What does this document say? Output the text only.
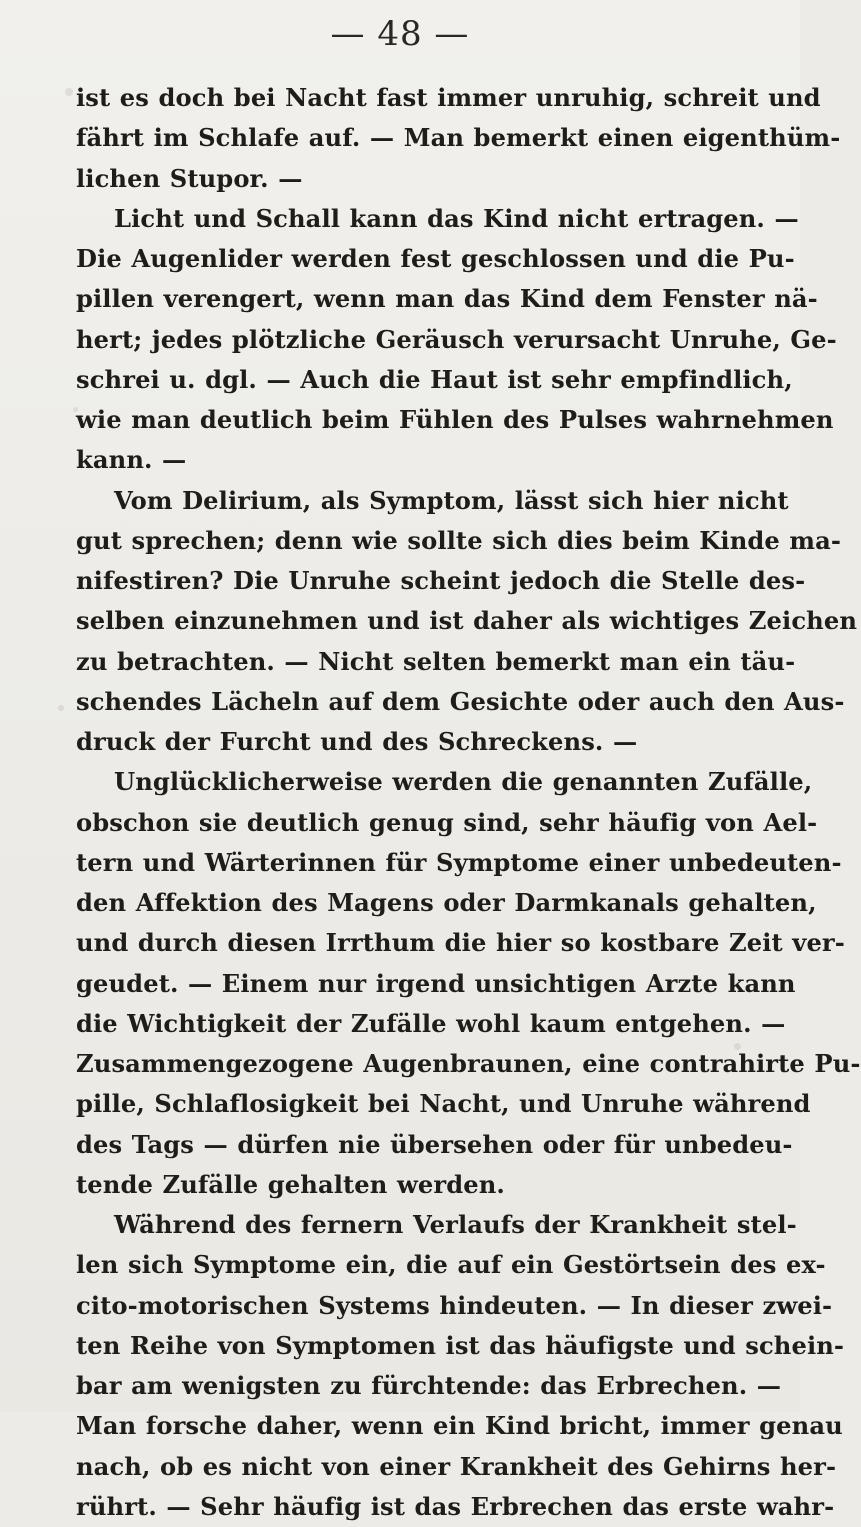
— 48 —
ist es doch bei Nacht fast immer unruhig, schreit und
fährt im Schlafe auf. — Man bemerkt einen eigenthüm-
lichen Stupor. —
Licht und Schall kann das Kind nicht ertragen. —
Die Augenlider werden fest geschlossen und die Pu-
pillen verengert, wenn man das Kind dem Fenster nä-
hert; jedes plötzliche Geräusch verursacht Unruhe, Ge-
schrei u. dgl. — Auch die Haut ist sehr empfindlich,
wie man deutlich beim Fühlen des Pulses wahrnehmen
kann. —
Vom Delirium, als Symptom, lässt sich hier nicht
gut sprechen; denn wie sollte sich dies beim Kinde ma-
nifestiren? Die Unruhe scheint jedoch die Stelle des-
selben einzunehmen und ist daher als wichtiges Zeichen
zu betrachten. — Nicht selten bemerkt man ein täu-
schendes Lächeln auf dem Gesichte oder auch den Aus-
druck der Furcht und des Schreckens. —
Unglücklicherweise werden die genannten Zufälle,
obschon sie deutlich genug sind, sehr häufig von Ael-
tern und Wärterinnen für Symptome einer unbedeuten-
den Affektion des Magens oder Darmkanals gehalten,
und durch diesen Irrthum die hier so kostbare Zeit ver-
geudet. — Einem nur irgend unsichtigen Arzte kann
die Wichtigkeit der Zufälle wohl kaum entgehen. —
Zusammengezogene Augenbraunen, eine contrahirte Pu-
pille, Schlaflosigkeit bei Nacht, und Unruhe während
des Tags — dürfen nie übersehen oder für unbedeu-
tende Zufälle gehalten werden.
Während des fernern Verlaufs der Krankheit stel-
len sich Symptome ein, die auf ein Gestörtsein des ex-
cito-motorischen Systems hindeuten. — In dieser zwei-
ten Reihe von Symptomen ist das häufigste und schein-
bar am wenigsten zu fürchtende: das Erbrechen. —
Man forsche daher, wenn ein Kind bricht, immer genau
nach, ob es nicht von einer Krankheit des Gehirns her-
rührt. — Sehr häufig ist das Erbrechen das erste wahr-
